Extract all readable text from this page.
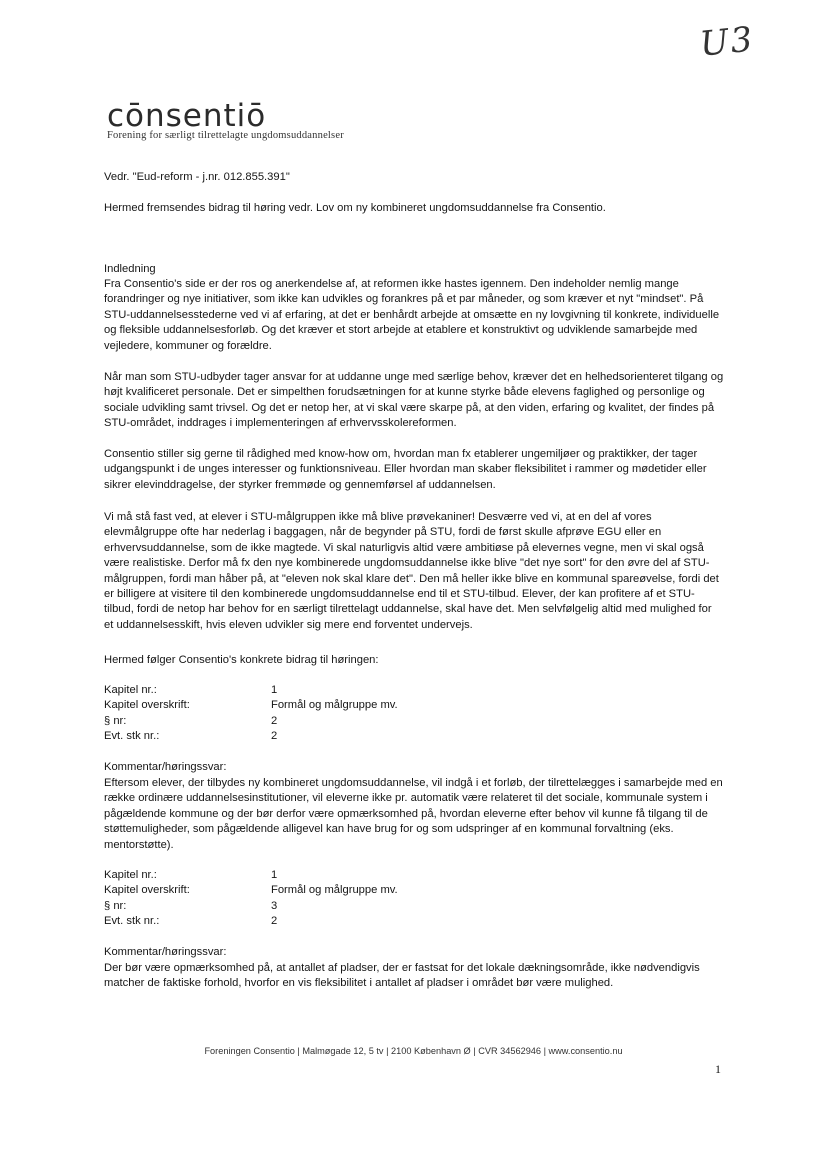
U3
cōnsentiō
Forening for særligt tilrettelagte ungdomsuddannelser

Vedr. "Eud-reform - j.nr. 012.855.391"

Hermed fremsendes bidrag til høring vedr. Lov om ny kombineret ungdomsuddannelse fra Consentio.

Indledning

Fra Consentio's side er der ros og anerkendelse af, at reformen ikke hastes igennem. Den indeholder nemlig mange forandringer og nye initiativer, som ikke kan udvikles og forankres på et par måneder, og som kræver et nyt "mindset". På STU-uddannelsesstederne ved vi af erfaring, at det er benhårdt arbejde at omsætte en ny lovgivning til konkrete, individuelle og fleksible uddannelsesforløb. Og det kræver et stort arbejde at etablere et konstruktivt og udviklende samarbejde med vejledere, kommuner og forældre.

Når man som STU-udbyder tager ansvar for at uddanne unge med særlige behov, kræver det en helhedsorienteret tilgang og højt kvalificeret personale. Det er simpelthen forudsætningen for at kunne styrke både elevens faglighed og personlige og sociale udvikling samt trivsel. Og det er netop her, at vi skal være skarpe på, at den viden, erfaring og kvalitet, der findes på STU-området, inddrages i implementeringen af erhvervsskolereformen.

Consentio stiller sig gerne til rådighed med know-how om, hvordan man fx etablerer ungemiljøer og praktikker, der tager udgangspunkt i de unges interesser og funktionsniveau. Eller hvordan man skaber fleksibilitet i rammer og mødetider eller sikrer elevinddragelse, der styrker fremmøde og gennemførsel af uddannelsen.

Vi må stå fast ved, at elever i STU-målgruppen ikke må blive prøvekaniner! Desværre ved vi, at en del af vores elevmålgruppe ofte har nederlag i baggagen, når de begynder på STU, fordi de først skulle afprøve EGU eller en erhvervsuddannelse, som de ikke magtede. Vi skal naturligvis altid være ambitiøse på elevernes vegne, men vi skal også være realistiske. Derfor må fx den nye kombinerede ungdomsuddannelse ikke blive "det nye sort" for den øvre del af STU-målgruppen, fordi man håber på, at "eleven nok skal klare det". Den må heller ikke blive en kommunal spareøvelse, fordi det er billigere at visitere til den kombinerede ungdomsuddannelse end til et STU-tilbud. Elever, der kan profitere af et STU-tilbud, fordi de netop har behov for en særligt tilrettelagt uddannelse, skal have det. Men selvfølgelig altid med mulighed for et uddannelsesskift, hvis eleven udvikler sig mere end forventet undervejs.

Hermed følger Consentio's konkrete bidrag til høringen:

Kapitel nr.:	1
Kapitel overskrift:	Formål og målgruppe mv.
§ nr:	2
Evt. stk nr.:	2

Kommentar/høringssvar:

Eftersom elever, der tilbydes ny kombineret ungdomsuddannelse, vil indgå i et forløb, der tilrettelægges i samarbejde med en række ordinære uddannelsesinstitutioner, vil eleverne ikke pr. automatik være relateret til det sociale, kommunale system i pågældende kommune og der bør derfor være opmærksomhed på, hvordan eleverne efter behov vil kunne få tilgang til de støttemuligheder, som pågældende alligevel kan have brug for og som udspringer af en kommunal forvaltning (eks. mentorstøtte).

Kapitel nr.:	1
Kapitel overskrift:	Formål og målgruppe mv.
§ nr:	3
Evt. stk nr.:	2

Kommentar/høringssvar:

Der bør være opmærksomhed på, at antallet af pladser, der er fastsat for det lokale dækningsområde, ikke nødvendigvis matcher de faktiske forhold, hvorfor en vis fleksibilitet i antallet af pladser i området bør være mulighed.

Foreningen Consentio | Malmøgade 12, 5 tv | 2100 København Ø | CVR 34562946 | www.consentio.nu
1
